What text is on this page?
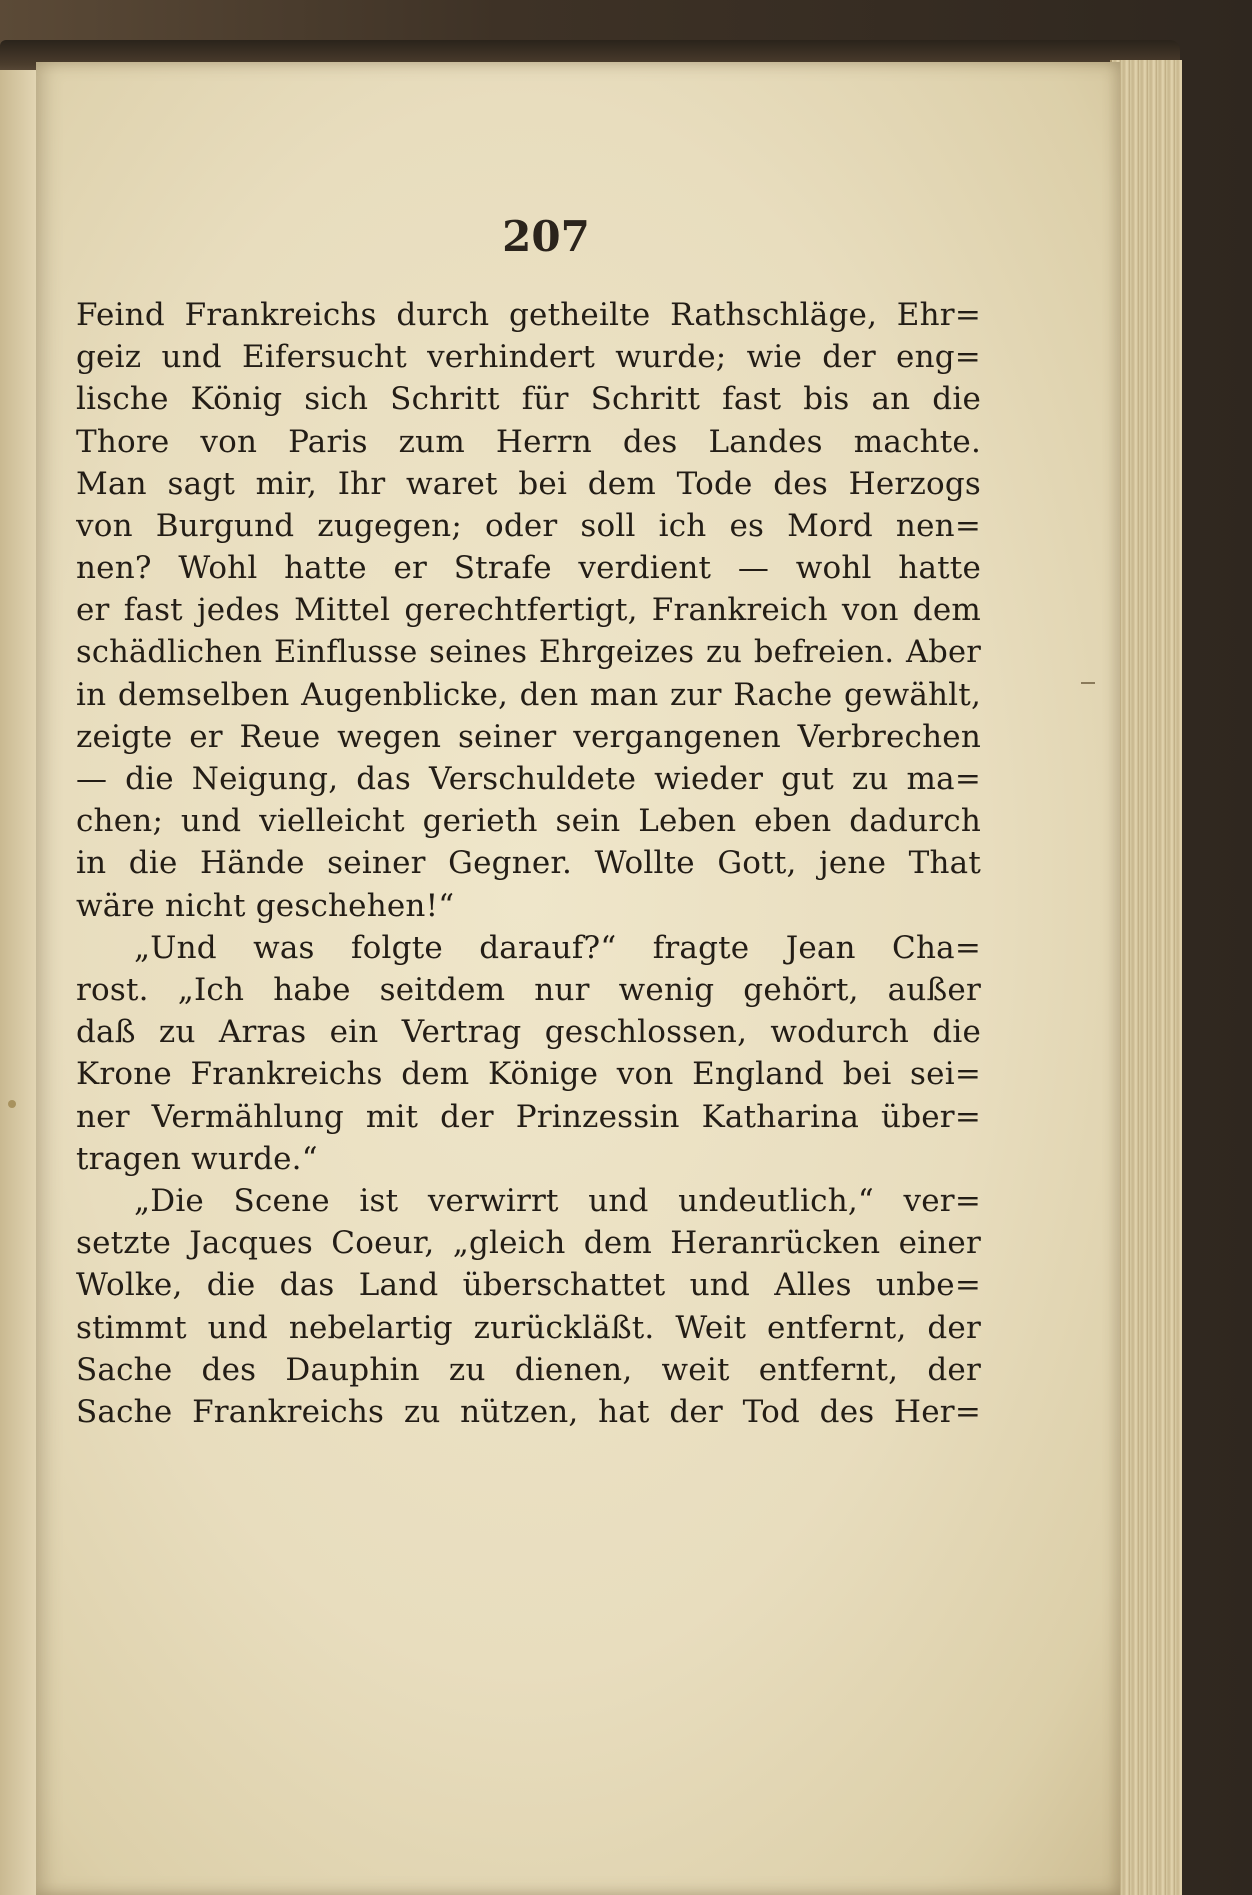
207
Feind Frankreichs durch getheilte Rathschläge, Ehr=
geiz und Eifersucht verhindert wurde; wie der eng=
lische König sich Schritt für Schritt fast bis an die
Thore von Paris zum Herrn des Landes machte.
Man sagt mir, Ihr waret bei dem Tode des Herzogs
von Burgund zugegen; oder soll ich es Mord nen=
nen? Wohl hatte er Strafe verdient — wohl hatte
er fast jedes Mittel gerechtfertigt, Frankreich von dem
schädlichen Einflusse seines Ehrgeizes zu befreien. Aber
in demselben Augenblicke, den man zur Rache gewählt,
zeigte er Reue wegen seiner vergangenen Verbrechen
— die Neigung, das Verschuldete wieder gut zu ma=
chen; und vielleicht gerieth sein Leben eben dadurch
in die Hände seiner Gegner. Wollte Gott, jene That
wäre nicht geschehen!“
„Und was folgte darauf?“ fragte Jean Cha=
rost. „Ich habe seitdem nur wenig gehört, außer
daß zu Arras ein Vertrag geschlossen, wodurch die
Krone Frankreichs dem Könige von England bei sei=
ner Vermählung mit der Prinzessin Katharina über=
tragen wurde.“
„Die Scene ist verwirrt und undeutlich,“ ver=
setzte Jacques Coeur, „gleich dem Heranrücken einer
Wolke, die das Land überschattet und Alles unbe=
stimmt und nebelartig zurückläßt. Weit entfernt, der
Sache des Dauphin zu dienen, weit entfernt, der
Sache Frankreichs zu nützen, hat der Tod des Her=
